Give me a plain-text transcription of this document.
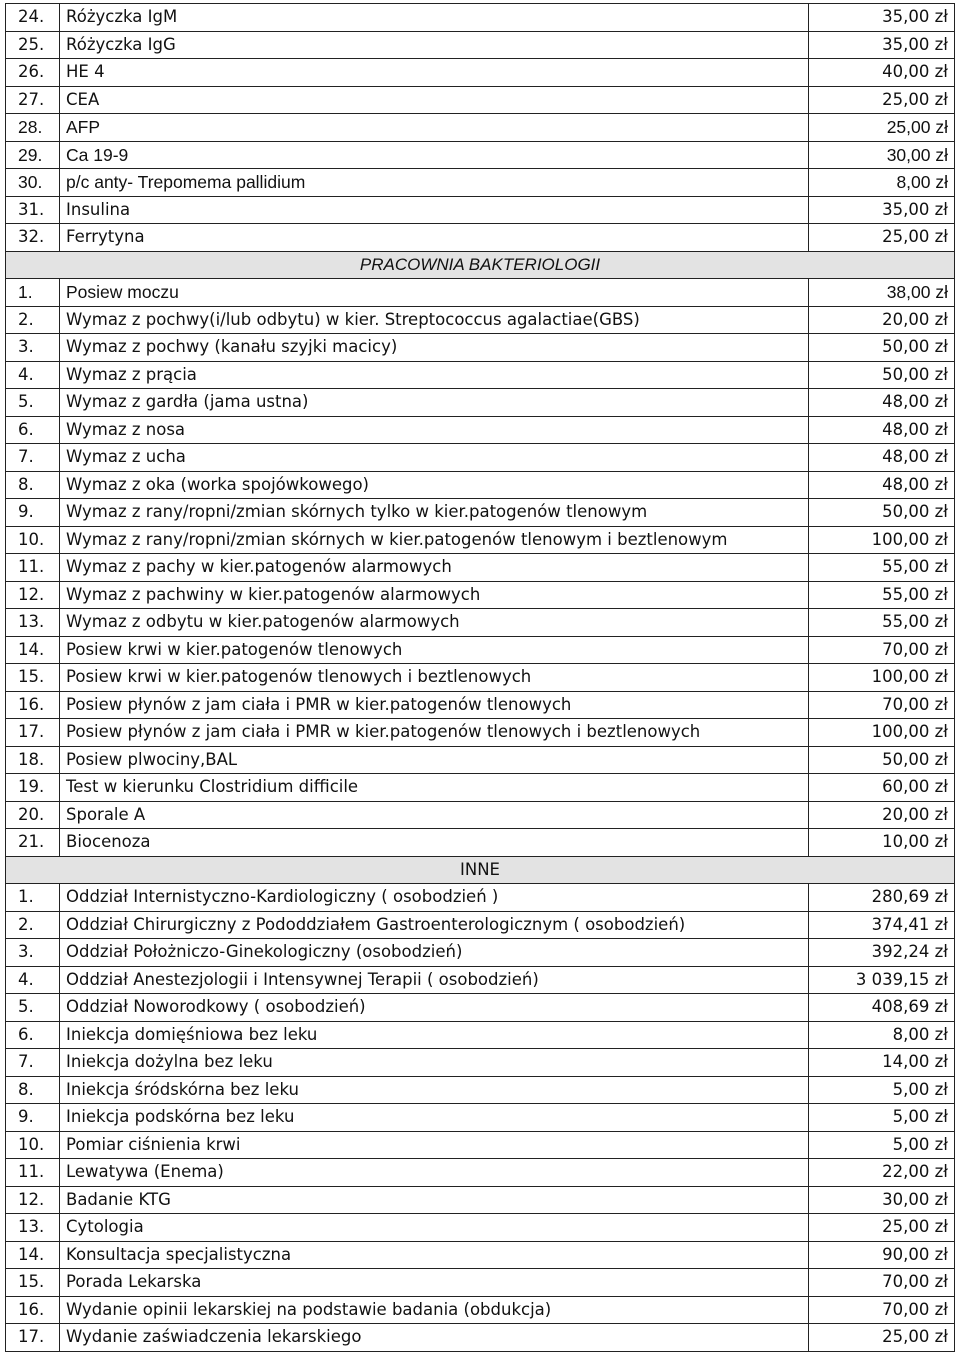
24.	Różyczka IgM	35,00 zł
25.	Różyczka IgG	35,00 zł
26.	HE 4	40,00 zł
27.	CEA	25,00 zł
28.	AFP	25,00 zł
29.	Ca 19-9	30,00 zł
30.	p/c anty- Trepomema pallidium	8,00 zł
31.	Insulina	35,00 zł
32.	Ferrytyna	25,00 zł
PRACOWNIA BAKTERIOLOGII		
1.	Posiew moczu	38,00 zł
2.	Wymaz z pochwy(i/lub odbytu) w kier. Streptococcus agalactiae(GBS)	20,00 zł
3.	Wymaz z pochwy (kanału szyjki macicy)	50,00 zł
4.	Wymaz z prącia	50,00 zł
5.	Wymaz z gardła (jama ustna)	48,00 zł
6.	Wymaz z nosa	48,00 zł
7.	Wymaz z ucha	48,00 zł
8.	Wymaz z oka (worka spojówkowego)	48,00 zł
9.	Wymaz z rany/ropni/zmian skórnych tylko w kier.patogenów tlenowym	50,00 zł
10.	Wymaz z rany/ropni/zmian skórnych w kier.patogenów tlenowym i beztlenowym	100,00 zł
11.	Wymaz z pachy w kier.patogenów alarmowych	55,00 zł
12.	Wymaz z pachwiny w kier.patogenów alarmowych	55,00 zł
13.	Wymaz z odbytu w kier.patogenów alarmowych	55,00 zł
14.	Posiew krwi w kier.patogenów tlenowych	70,00 zł
15.	Posiew krwi w kier.patogenów tlenowych i beztlenowych	100,00 zł
16.	Posiew płynów z jam ciała i PMR w kier.patogenów tlenowych	70,00 zł
17.	Posiew płynów z jam ciała i PMR w kier.patogenów tlenowych i beztlenowych	100,00 zł
18.	Posiew plwociny,BAL	50,00 zł
19.	Test w kierunku Clostridium difficile	60,00 zł
20.	Sporale A	20,00 zł
21.	Biocenoza	10,00 zł
INNE		
1.	Oddział Internistyczno-Kardiologiczny ( osobodzień )	280,69 zł
2.	Oddział Chirurgiczny z Pododdziałem Gastroenterologicznym ( osobodzień)	374,41 zł
3.	Oddział Położniczo-Ginekologiczny (osobodzień)	392,24 zł
4.	Oddział Anestezjologii i Intensywnej Terapii ( osobodzień)	3 039,15 zł
5.	Oddział Noworodkowy ( osobodzień)	408,69 zł
6.	Iniekcja domięśniowa bez leku	8,00 zł
7.	Iniekcja dożylna bez leku	14,00 zł
8.	Iniekcja śródskórna bez leku	5,00 zł
9.	Iniekcja podskórna bez leku	5,00 zł
10.	Pomiar ciśnienia krwi	5,00 zł
11.	Lewatywa (Enema)	22,00 zł
12.	Badanie KTG	30,00 zł
13.	Cytologia	25,00 zł
14.	Konsultacja specjalistyczna	90,00 zł
15.	Porada Lekarska	70,00 zł
16.	Wydanie opinii lekarskiej na podstawie badania (obdukcja)	70,00 zł
17.	Wydanie zaświadczenia lekarskiego	25,00 zł
